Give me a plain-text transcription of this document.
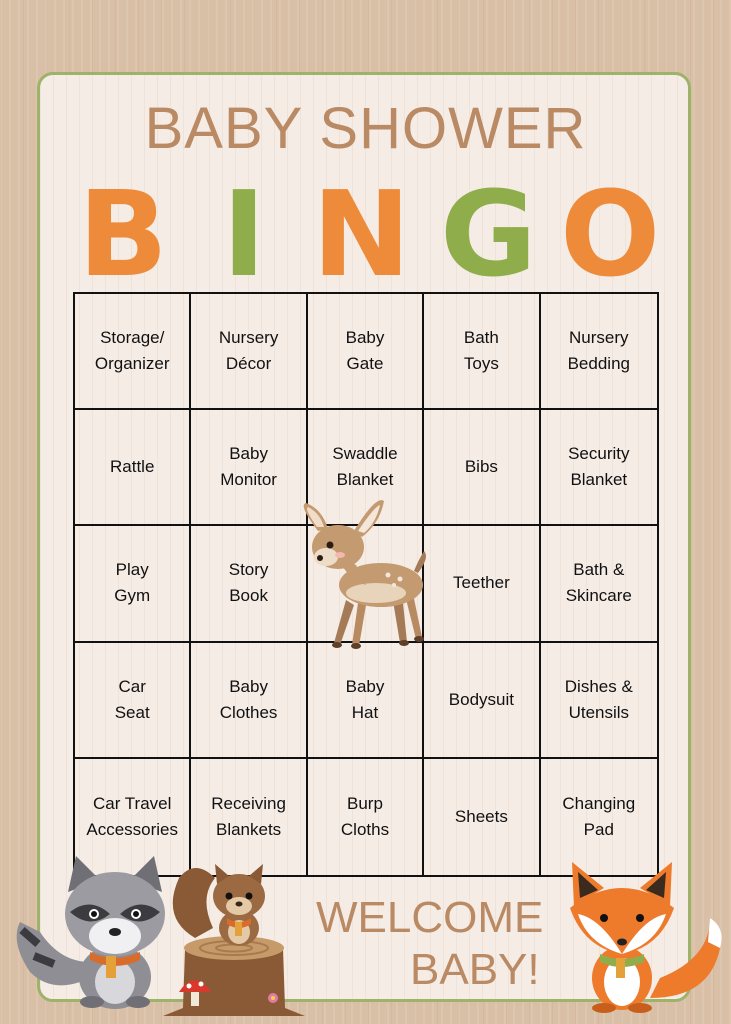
BABY SHOWER
B I N G O
Storage/
Organizer
Nursery
Décor
Baby
Gate
Bath
Toys
Nursery
Bedding
Rattle
Baby
Monitor
Swaddle
Blanket
Bibs
Security
Blanket
Play
Gym
Story
Book
Teether
Bath &
Skincare
Car
Seat
Baby
Clothes
Baby
Hat
Bodysuit
Dishes &
Utensils
Car Travel
Accessories
Receiving
Blankets
Burp
Cloths
Sheets
Changing
Pad

WELCOME

BABY!
